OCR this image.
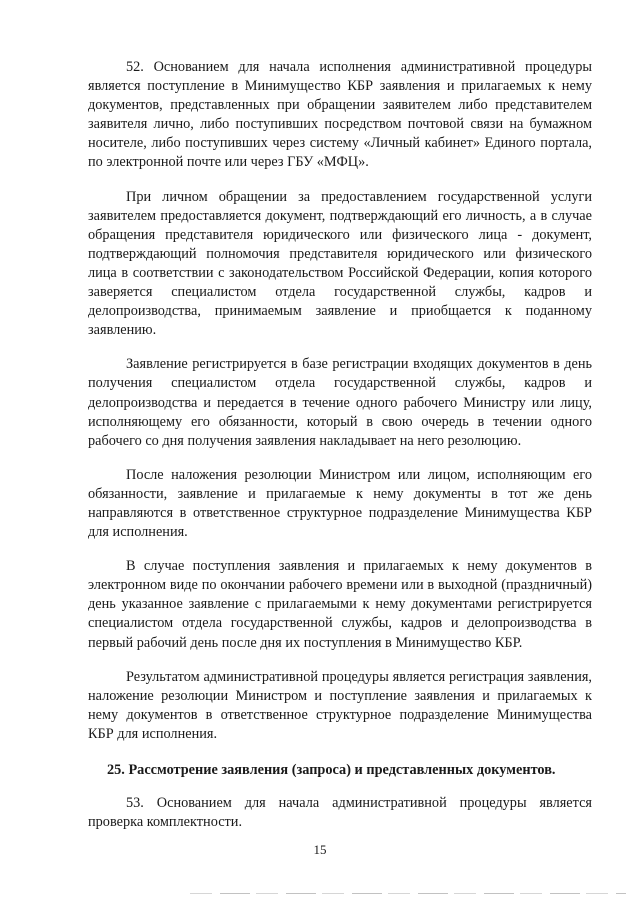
52. Основанием для начала исполнения административной процедуры является поступление в Минимущество КБР заявления и прилагаемых к нему документов, представленных при обращении заявителем либо представителем заявителя лично, либо поступивших посредством почтовой связи на бумажном носителе, либо поступивших через систему «Личный кабинет» Единого портала, по электронной почте или через ГБУ «МФЦ».

При личном обращении за предоставлением государственной услуги заявителем предоставляется документ, подтверждающий его личность, а в случае обращения представителя юридического или физического лица - документ, подтверждающий полномочия представителя юридического или физического лица в соответствии с законодательством Российской Федерации, копия которого заверяется специалистом отдела государственной службы, кадров и делопроизводства, принимаемым заявление и приобщается к поданному заявлению.

Заявление регистрируется в базе регистрации входящих документов в день получения специалистом отдела государственной службы, кадров и делопроизводства и передается в течение одного рабочего Министру или лицу, исполняющему его обязанности, который в свою очередь в течении одного рабочего со дня получения заявления накладывает на него резолюцию.

После наложения резолюции Министром или лицом, исполняющим его обязанности, заявление и прилагаемые к нему документы в тот же день направляются в ответственное структурное подразделение Минимущества КБР для исполнения.

В случае поступления заявления и прилагаемых к нему документов в электронном виде по окончании рабочего времени или в выходной (праздничный) день указанное заявление с прилагаемыми к нему документами регистрируется специалистом отдела государственной службы, кадров и делопроизводства в первый рабочий день после дня их поступления в Минимущество КБР.

Результатом административной процедуры является регистрация заявления, наложение резолюции Министром и поступление заявления и прилагаемых к нему документов в ответственное структурное подразделение Минимущества КБР для исполнения.

25. Рассмотрение заявления (запроса) и представленных документов.

53. Основанием для начала административной процедуры является проверка комплектности.

15
